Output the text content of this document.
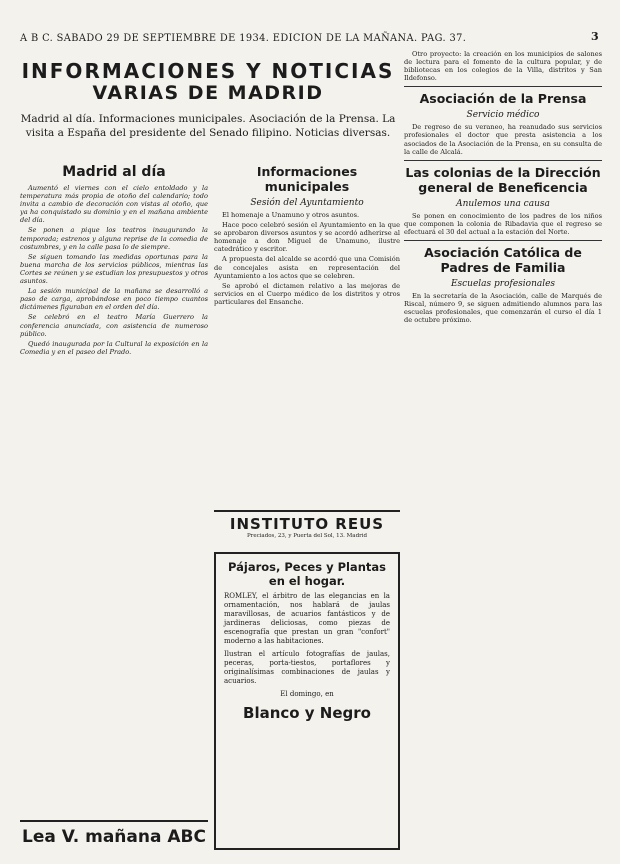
A B C. SABADO 29 DE SEPTIEMBRE DE 1934. EDICION DE LA MAÑANA. PAG. 37.	3
INFORMACIONES Y NOTICIAS
VARIAS DE MADRID
Madrid al día. Informaciones municipales. Asociación de la Prensa. La visita a España del presidente del Senado filipino. Noticias diversas.
Madrid al día

Aumentó el viernes con el cielo entoldado y la temperatura más propia de otoño del calendario; todo invita a cambio de decoración con vistas al otoño, que ya ha conquistado su dominio y en el mañana ambiente del día.

Se ponen a pique los teatros inaugurando la temporada; estrenos y alguna reprise de la comedia de costumbres, y en la calle pasa lo de siempre.

Se siguen tomando las medidas oportunas para la buena marcha de los servicios públicos, mientras las Cortes se reúnen y se estudian los presupuestos y otros asuntos.

La sesión municipal de la mañana se desarrolló a paso de carga, aprobándose en poco tiempo cuantos dictámenes figuraban en el orden del día.

Se celebró en el teatro María Guerrero la conferencia anunciada, con asistencia de numeroso público.

Quedó inaugurada por la Cultural la exposición en la Comedia y en el paseo del Prado.

Lea V. mañana ABC
Informaciones municipales
Sesión del Ayuntamiento

El homenaje a Unamuno y otros asuntos.

Hace poco celebró sesión el Ayuntamiento en la que se aprobaron diversos asuntos y se acordó adherirse al homenaje a don Miguel de Unamuno, ilustre catedrático y escritor.

A propuesta del alcalde se acordó que una Comisión de concejales asista en representación del Ayuntamiento a los actos que se celebren.

Se aprobó el dictamen relativo a las mejoras de servicios en el Cuerpo médico de los distritos y otros particulares del Ensanche.

INSTITUTO REUS
Preciados, 23, y Puerta del Sol, 13. Madrid
Pájaros, Peces y Plantas en el hogar.
ROMLEY, el árbitro de las elegancias en la ornamentación, nos hablará de jaulas maravillosas, de acuarios fantásticos y de jardineras deliciosas, como piezas de escenografía que prestan un gran "confort" moderno a las habitaciones.
Ilustran el artículo fotografías de jaulas, peceras, porta-tiestos, portaflores y originalísimas combinaciones de jaulas y acuarios.
El domingo, en
Blanco y Negro

Otro proyecto: la creación en los municipios de salones de lectura para el fomento de la cultura popular, y de bibliotecas en los colegios de la Villa, distritos y San Ildefonso.

Asociación de la Prensa
Servicio médico

De regreso de su veraneo, ha reanudado sus servicios profesionales el doctor que presta asistencia a los asociados de la Asociación de la Prensa, en su consulta de la calle de Alcalá.

Las colonias de la Dirección general de Beneficencia
Anulemos una causa

Se ponen en conocimiento de los padres de los niños que componen la colonia de Ribadavia que el regreso se efectuará el 30 del actual a la estación del Norte.

Asociación Católica de Padres de Familia
Escuelas profesionales

En la secretaría de la Asociación, calle de Marqués de Riscal, número 9, se siguen admitiendo alumnos para las escuelas profesionales, que comenzarán el curso el día 1 de octubre próximo.
